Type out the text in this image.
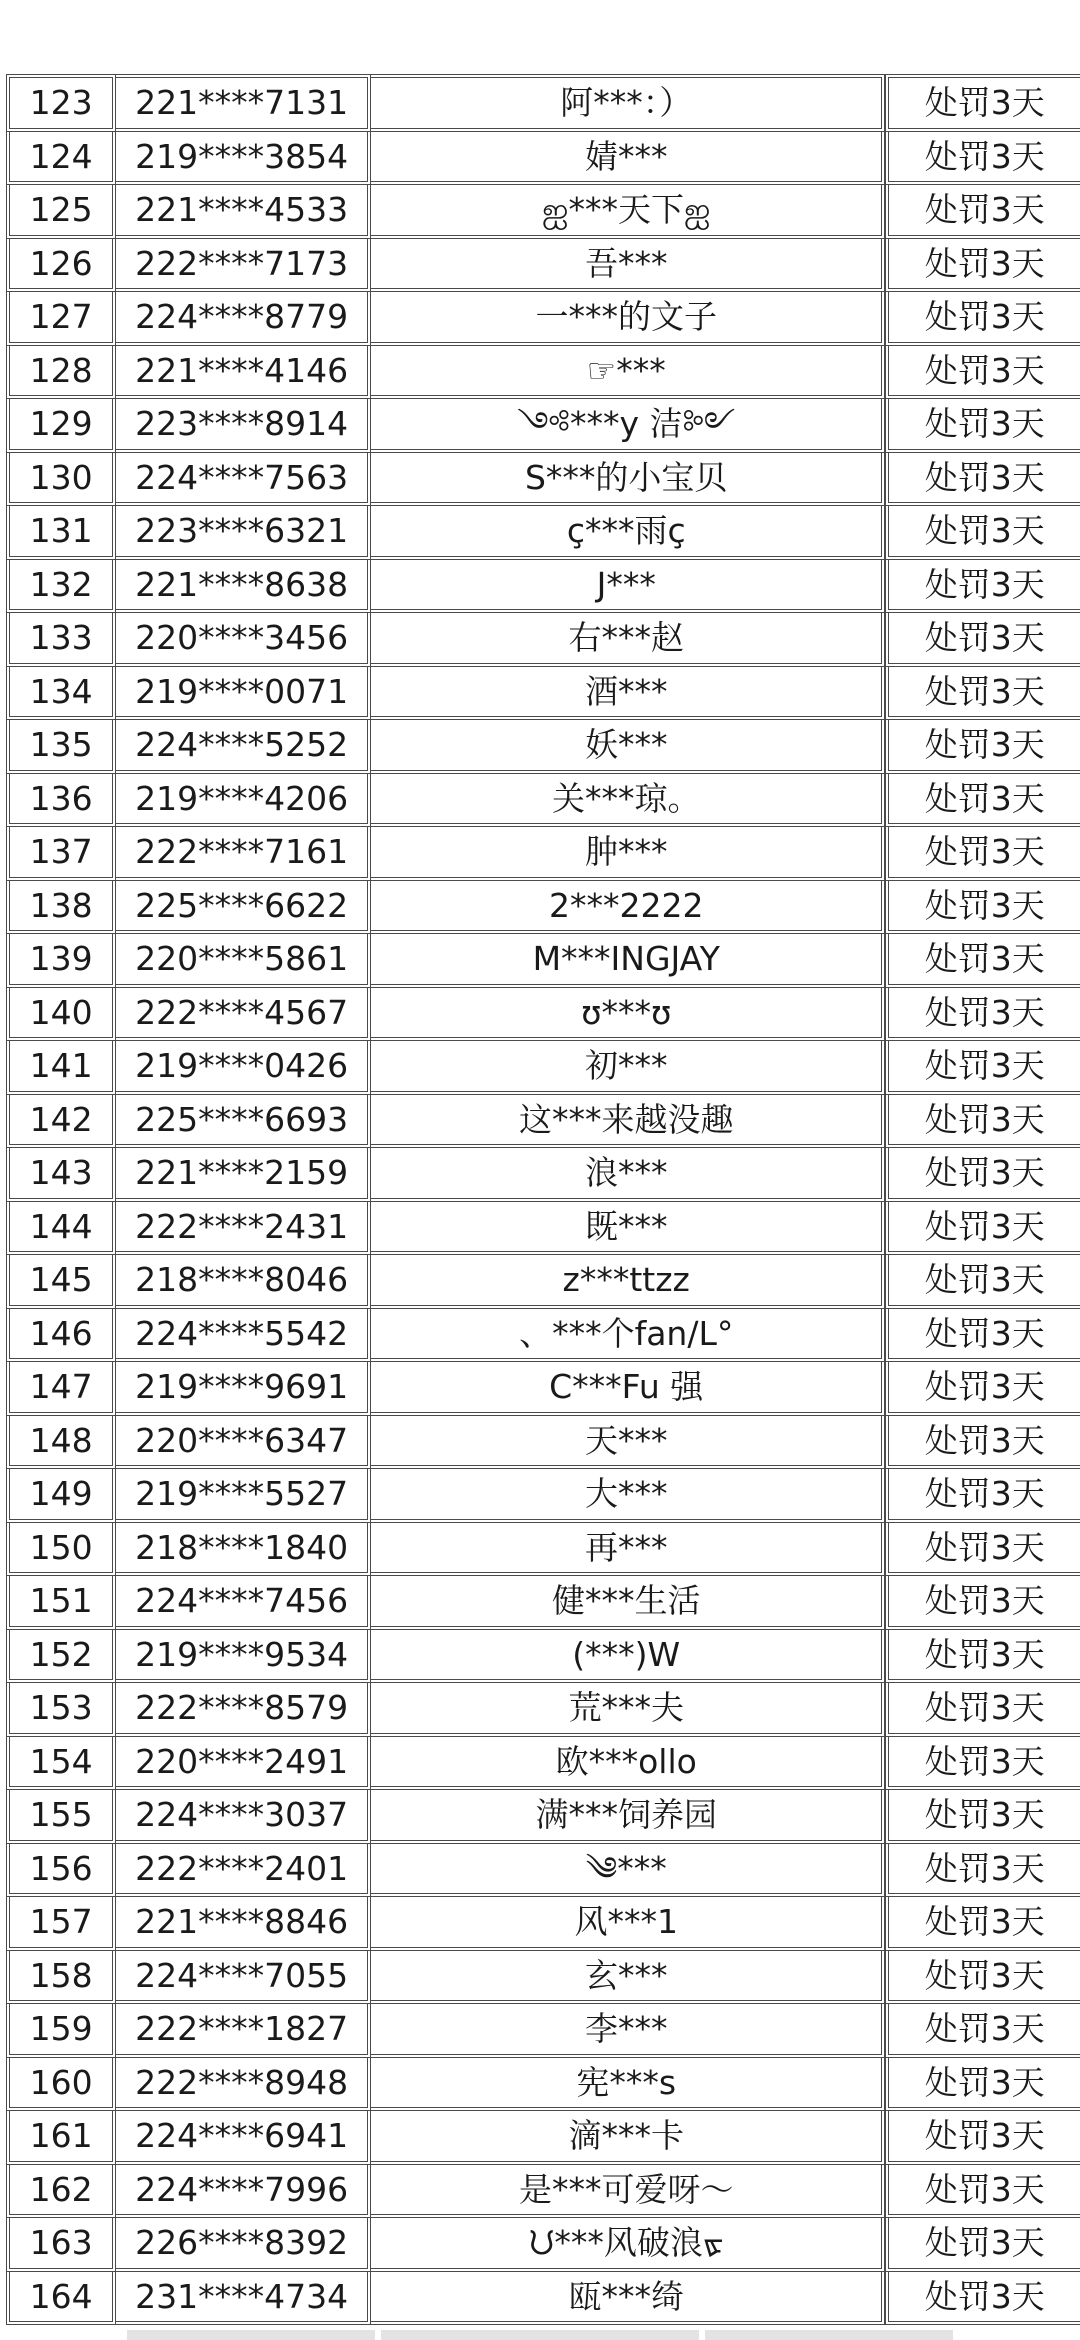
123	221****7131	阿***：）	处罚3天
124	219****3854	婧***	处罚3天
125	221****4533	ஐ***天下ஐ	处罚3天
126	222****7173	吾***	处罚3天
127	224****8779	一***的文子	处罚3天
128	221****4146	☞***	处罚3天
129	223****8914	༺***y 洁༻	处罚3天
130	224****7563	S***的小宝贝	处罚3天
131	223****6321	ç***雨ç	处罚3天
132	221****8638	J***	处罚3天
133	220****3456	右***赵	处罚3天
134	219****0071	酒***	处罚3天
135	224****5252	妖***	处罚3天
136	219****4206	关***琼。	处罚3天
137	222****7161	肿***	处罚3天
138	225****6622	2***2222	处罚3天
139	220****5861	M***INGJAY	处罚3天
140	222****4567	ʊ***ʊ	处罚3天
141	219****0426	初***	处罚3天
142	225****6693	这***来越没趣	处罚3天
143	221****2159	浪***	处罚3天
144	222****2431	既***	处罚3天
145	218****8046	z***ttzz	处罚3天
146	224****5542	、***个fan/L°	处罚3天
147	219****9691	C***Fu 强	处罚3天
148	220****6347	天***	处罚3天
149	219****5527	大***	处罚3天
150	218****1840	再***	处罚3天
151	224****7456	健***生活	处罚3天
152	219****9534	(***)W	处罚3天
153	222****8579	荒***夫	处罚3天
154	220****2491	欧***ollo	处罚3天
155	224****3037	满***饲养园	处罚3天
156	222****2401	༄***	处罚3天
157	221****8846	风***1	处罚3天
158	224****7055	玄***	处罚3天
159	222****1827	李***	处罚3天
160	222****8948	宪***s	处罚3天
161	224****6941	滴***卡	处罚3天
162	224****7996	是***可爱呀～	处罚3天
163	226****8392	ᙀ***风破浪ᢘ	处罚3天
164	231****4734	瓯***绮	处罚3天
